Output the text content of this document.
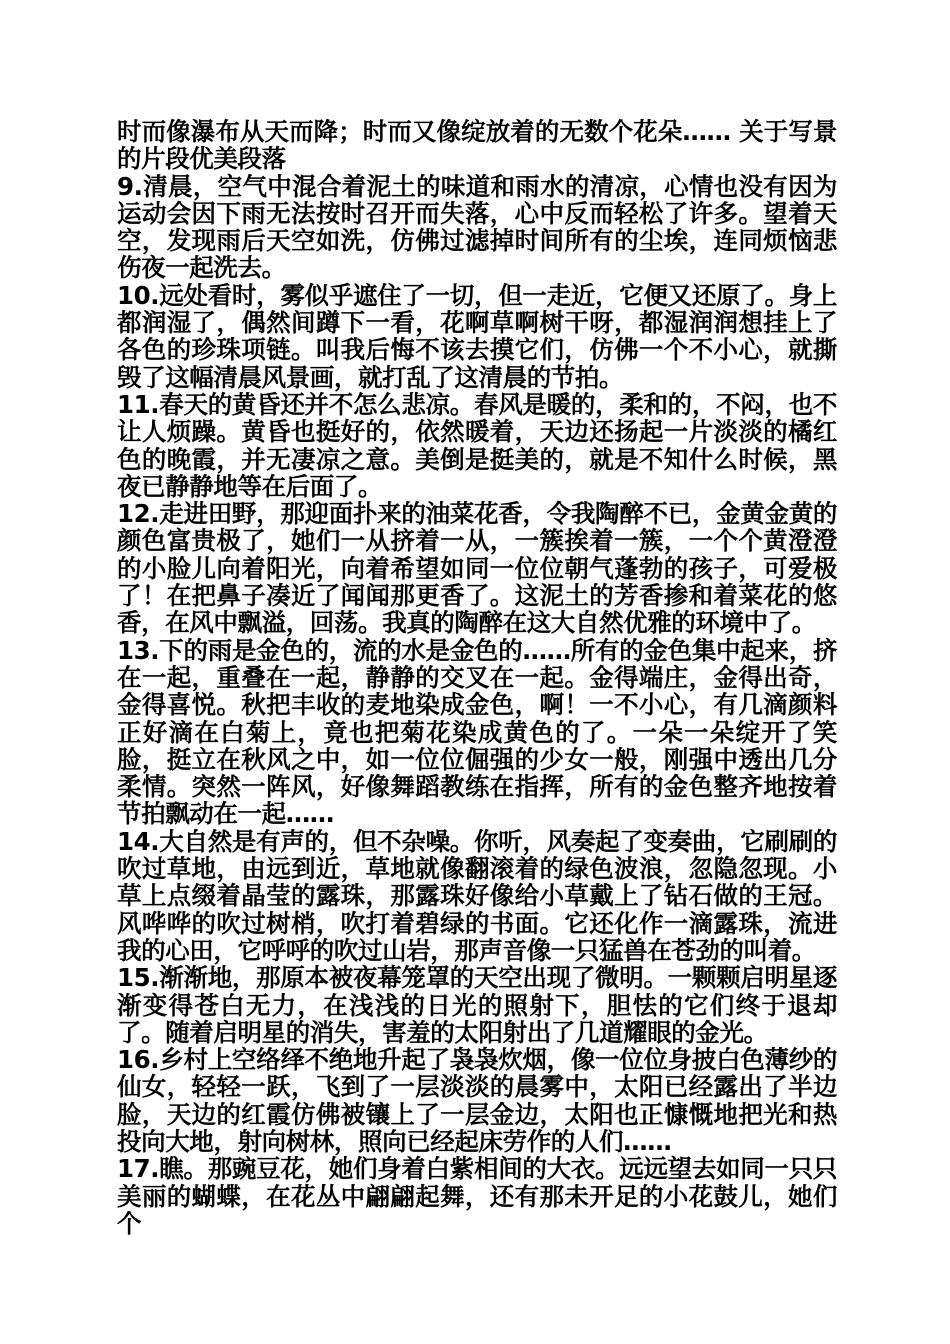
时而像瀑布从天而降；时而又像绽放着的无数个花朵…… 关于写景的片段优美段落

9.清晨，空气中混合着泥土的味道和雨水的清凉，心情也没有因为运动会因下雨无法按时召开而失落，心中反而轻松了许多。望着天空，发现雨后天空如洗，仿佛过滤掉时间所有的尘埃，连同烦恼悲伤夜一起洗去。

10.远处看时，雾似乎遮住了一切，但一走近，它便又还原了。身上都润湿了，偶然间蹲下一看，花啊草啊树干呀，都湿润润想挂上了各色的珍珠项链。叫我后悔不该去摸它们，仿佛一个不小心，就撕毁了这幅清晨风景画，就打乱了这清晨的节拍。

11.春天的黄昏还并不怎么悲凉。春风是暖的，柔和的，不闷，也不让人烦躁。黄昏也挺好的，依然暖着，天边还扬起一片淡淡的橘红色的晚霞，并无凄凉之意。美倒是挺美的，就是不知什么时候，黑夜已静静地等在后面了。

12.走进田野，那迎面扑来的油菜花香，令我陶醉不已，金黄金黄的颜色富贵极了，她们一从挤着一从，一簇挨着一簇，一个个黄澄澄的小脸儿向着阳光，向着希望如同一位位朝气蓬勃的孩子，可爱极了！在把鼻子凑近了闻闻那更香了。这泥土的芳香掺和着菜花的悠香，在风中飘溢，回荡。我真的陶醉在这大自然优雅的环境中了。

13.下的雨是金色的，流的水是金色的……所有的金色集中起来，挤在一起，重叠在一起，静静的交叉在一起。金得端庄，金得出奇，金得喜悦。秋把丰收的麦地染成金色，啊！一不小心，有几滴颜料正好滴在白菊上，竟也把菊花染成黄色的了。一朵一朵绽开了笑脸，挺立在秋风之中，如一位位倔强的少女一般，刚强中透出几分柔情。突然一阵风，好像舞蹈教练在指挥，所有的金色整齐地按着节拍飘动在一起……

14.大自然是有声的，但不杂噪。你听，风奏起了变奏曲，它刷刷的吹过草地，由远到近，草地就像翻滚着的绿色波浪，忽隐忽现。小草上点缀着晶莹的露珠，那露珠好像给小草戴上了钻石做的王冠。风哗哗的吹过树梢，吹打着碧绿的书面。它还化作一滴露珠，流进我的心田，它呼呼的吹过山岩，那声音像一只猛兽在苍劲的叫着。

15.渐渐地，那原本被夜幕笼罩的天空出现了微明。一颗颗启明星逐渐变得苍白无力，在浅浅的日光的照射下，胆怯的它们终于退却了。随着启明星的消失，害羞的太阳射出了几道耀眼的金光。

16.乡村上空络绎不绝地升起了袅袅炊烟，像一位位身披白色薄纱的仙女，轻轻一跃，飞到了一层淡淡的晨雾中，太阳已经露出了半边脸，天边的红霞仿佛被镶上了一层金边，太阳也正慷慨地把光和热投向大地，射向树林，照向已经起床劳作的人们……

17.瞧。那豌豆花，她们身着白紫相间的大衣。远远望去如同一只只美丽的蝴蝶，在花丛中翩翩起舞，还有那未开足的小花鼓儿，她们个
